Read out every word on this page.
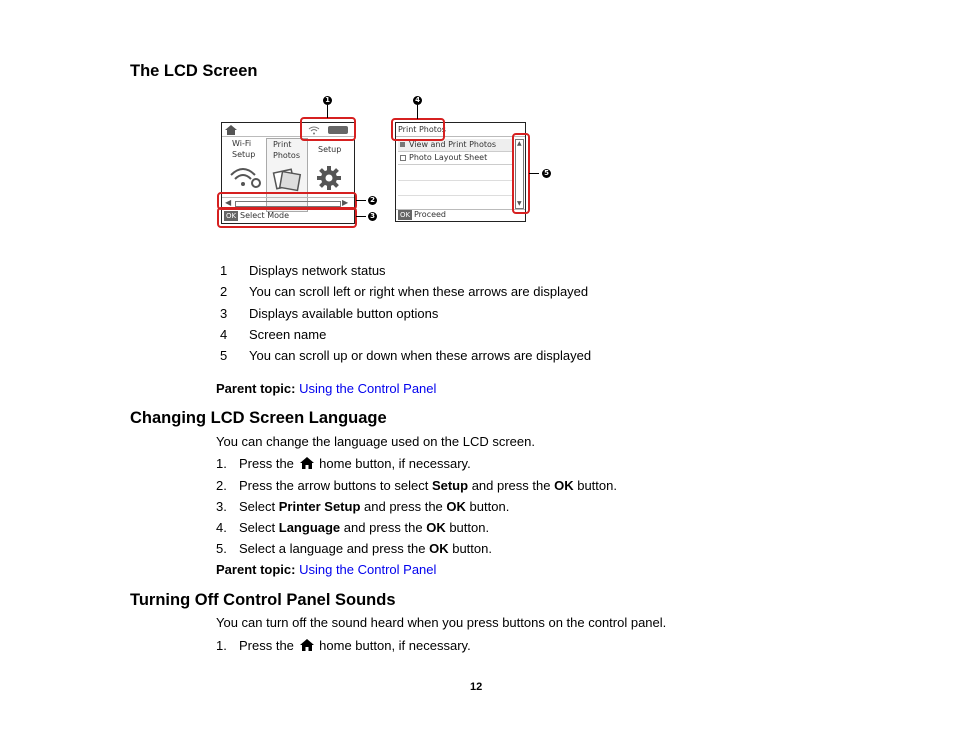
The LCD Screen
Wi-Fi
Setup
Print
Photos
Setup
◀	▶
OK Select Mode
Print Photos
View and Print Photos
Photo Layout Sheet
▲
▼
OK Proceed
1
2
3
4
5
1 Displays network status
2 You can scroll left or right when these arrows are displayed
3 Displays available button options
4 Screen name
5 You can scroll up or down when these arrows are displayed
Parent topic: Using the Control Panel
Changing LCD Screen Language
You can change the language used on the LCD screen.
1. Press the home button, if necessary.
2. Press the arrow buttons to select Setup and press the OK button.
3. Select Printer Setup and press the OK button.
4. Select Language and press the OK button.
5. Select a language and press the OK button.
Parent topic: Using the Control Panel
Turning Off Control Panel Sounds
You can turn off the sound heard when you press buttons on the control panel.
1. Press the home button, if necessary.
12
